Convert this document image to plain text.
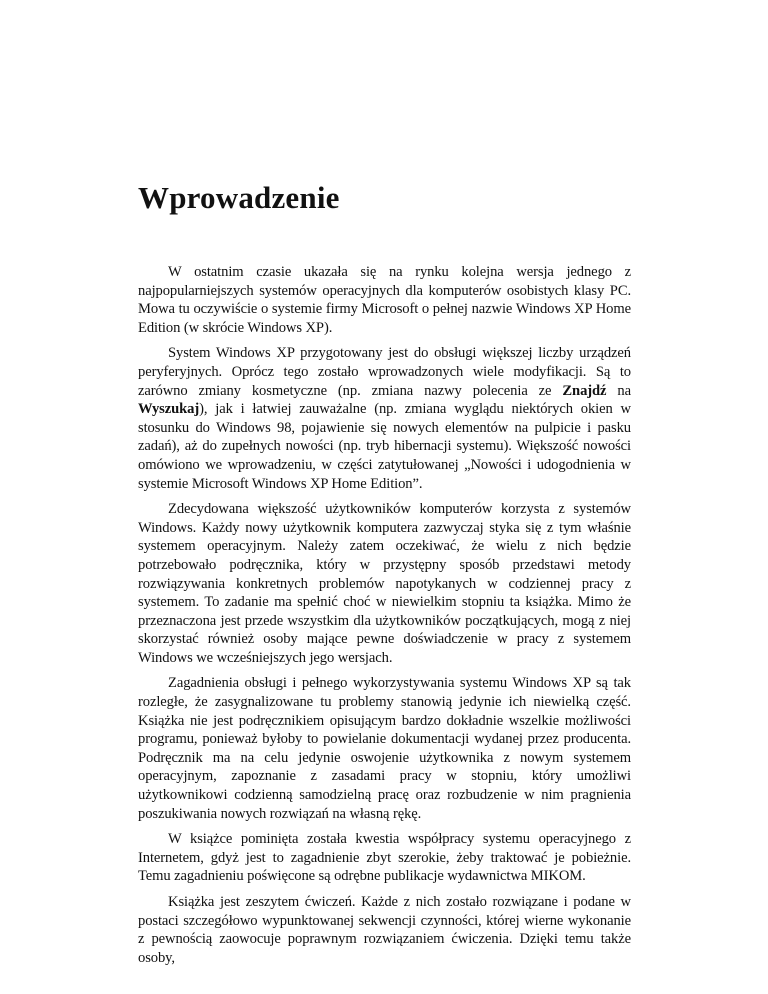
Wprowadzenie

W ostatnim czasie ukazała się na rynku kolejna wersja jednego z najpopularniejszych systemów operacyjnych dla komputerów osobistych klasy PC. Mowa tu oczywiście o systemie firmy Microsoft o pełnej nazwie Windows XP Home Edition (w skrócie Windows XP).

System Windows XP przygotowany jest do obsługi większej liczby urządzeń peryferyjnych. Oprócz tego zostało wprowadzonych wiele modyfikacji. Są to zarówno zmiany kosmetyczne (np. zmiana nazwy polecenia ze Znajdź na Wyszukaj), jak i łatwiej zauważalne (np. zmiana wyglądu niektórych okien w stosunku do Windows 98, pojawienie się nowych elementów na pulpicie i pasku zadań), aż do zupełnych nowości (np. tryb hibernacji systemu). Większość nowości omówiono we wprowadzeniu, w części zatytułowanej „Nowości i udogodnienia w systemie Microsoft Windows XP Home Edition”.

Zdecydowana większość użytkowników komputerów korzysta z systemów Windows. Każdy nowy użytkownik komputera zazwyczaj styka się z tym właśnie systemem operacyjnym. Należy zatem oczekiwać, że wielu z nich będzie potrzebowało podręcznika, który w przystępny sposób przedstawi metody rozwiązywania konkretnych problemów napotykanych w codziennej pracy z systemem. To zadanie ma spełnić choć w niewielkim stopniu ta książka. Mimo że przeznaczona jest przede wszystkim dla użytkowników początkujących, mogą z niej skorzystać również osoby mające pewne doświadczenie w pracy z systemem Windows we wcześniejszych jego wersjach.

Zagadnienia obsługi i pełnego wykorzystywania systemu Windows XP są tak rozległe, że zasygnalizowane tu problemy stanowią jedynie ich niewielką część. Książka nie jest podręcznikiem opisującym bardzo dokładnie wszelkie możliwości programu, ponieważ byłoby to powielanie dokumentacji wydanej przez producenta. Podręcznik ma na celu jedynie oswojenie użytkownika z nowym systemem operacyjnym, zapoznanie z zasadami pracy w stopniu, który umożliwi użytkownikowi codzienną samodzielną pracę oraz rozbudzenie w nim pragnienia poszukiwania nowych rozwiązań na własną rękę.

W książce pominięta została kwestia współpracy systemu operacyjnego z Internetem, gdyż jest to zagadnienie zbyt szerokie, żeby traktować je pobieżnie. Temu zagadnieniu poświęcone są odrębne publikacje wydawnictwa MIKOM.

Książka jest zeszytem ćwiczeń. Każde z nich zostało rozwiązane i podane w postaci szczegółowo wypunktowanej sekwencji czynności, której wierne wykonanie z pewnością zaowocuje poprawnym rozwiązaniem ćwiczenia. Dzięki temu także osoby,
